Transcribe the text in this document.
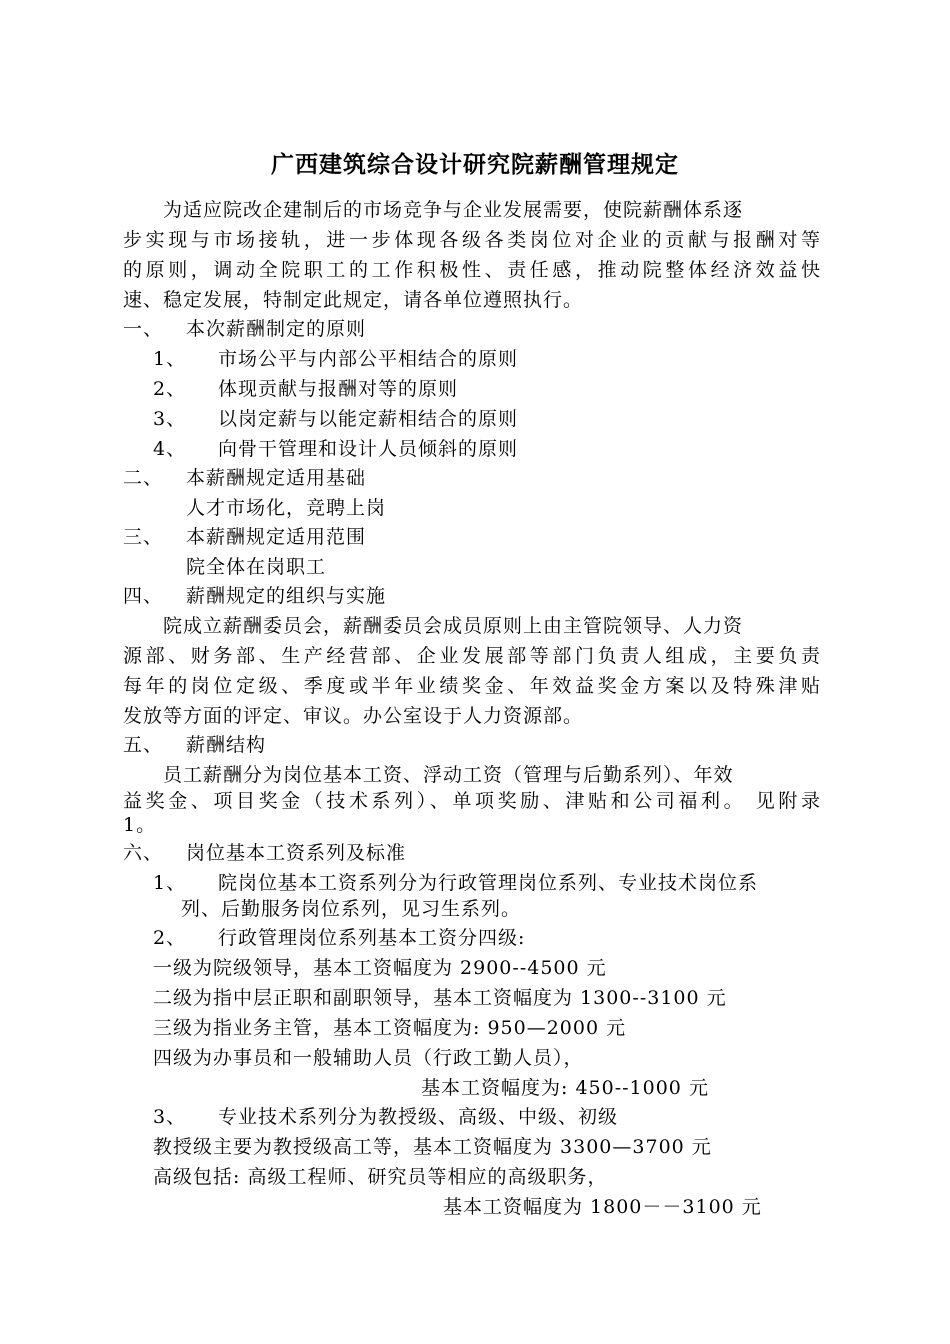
广西建筑综合设计研究院薪酬管理规定
为适应院改企建制后的市场竞争与企业发展需要，使院薪酬体系逐
步实现与市场接轨，进一步体现各级各类岗位对企业的贡献与报酬对等
的原则，调动全院职工的工作积极性、责任感，推动院整体经济效益快
速、稳定发展，特制定此规定，请各单位遵照执行。
一、 本次薪酬制定的原则
1、 市场公平与内部公平相结合的原则
2、 体现贡献与报酬对等的原则
3、 以岗定薪与以能定薪相结合的原则
4、 向骨干管理和设计人员倾斜的原则
二、 本薪酬规定适用基础
人才市场化，竞聘上岗
三、 本薪酬规定适用范围
院全体在岗职工
四、 薪酬规定的组织与实施
院成立薪酬委员会，薪酬委员会成员原则上由主管院领导、人力资
源部、财务部、生产经营部、企业发展部等部门负责人组成，主要负责
每年的岗位定级、季度或半年业绩奖金、年效益奖金方案以及特殊津贴
发放等方面的评定、审议。办公室设于人力资源部。
五、 薪酬结构
员工薪酬分为岗位基本工资、浮动工资（管理与后勤系列）、年效
益奖金、项目奖金（技术系列）、单项奖励、津贴和公司福利。 见附录
1。
六、 岗位基本工资系列及标准
1、 院岗位基本工资系列分为行政管理岗位系列、专业技术岗位系
列、后勤服务岗位系列，见习生系列。
2、 行政管理岗位系列基本工资分四级:
一级为院级领导，基本工资幅度为 2900--4500 元
二级为指中层正职和副职领导，基本工资幅度为 1300--3100 元
三级为指业务主管，基本工资幅度为: 950—2000 元
四级为办事员和一般辅助人员（行政工勤人员），
基本工资幅度为: 450--1000 元
3、 专业技术系列分为教授级、高级、中级、初级
教授级主要为教授级高工等，基本工资幅度为 3300—3700 元
高级包括: 高级工程师、研究员等相应的高级职务，
基本工资幅度为 1800－－3100 元
